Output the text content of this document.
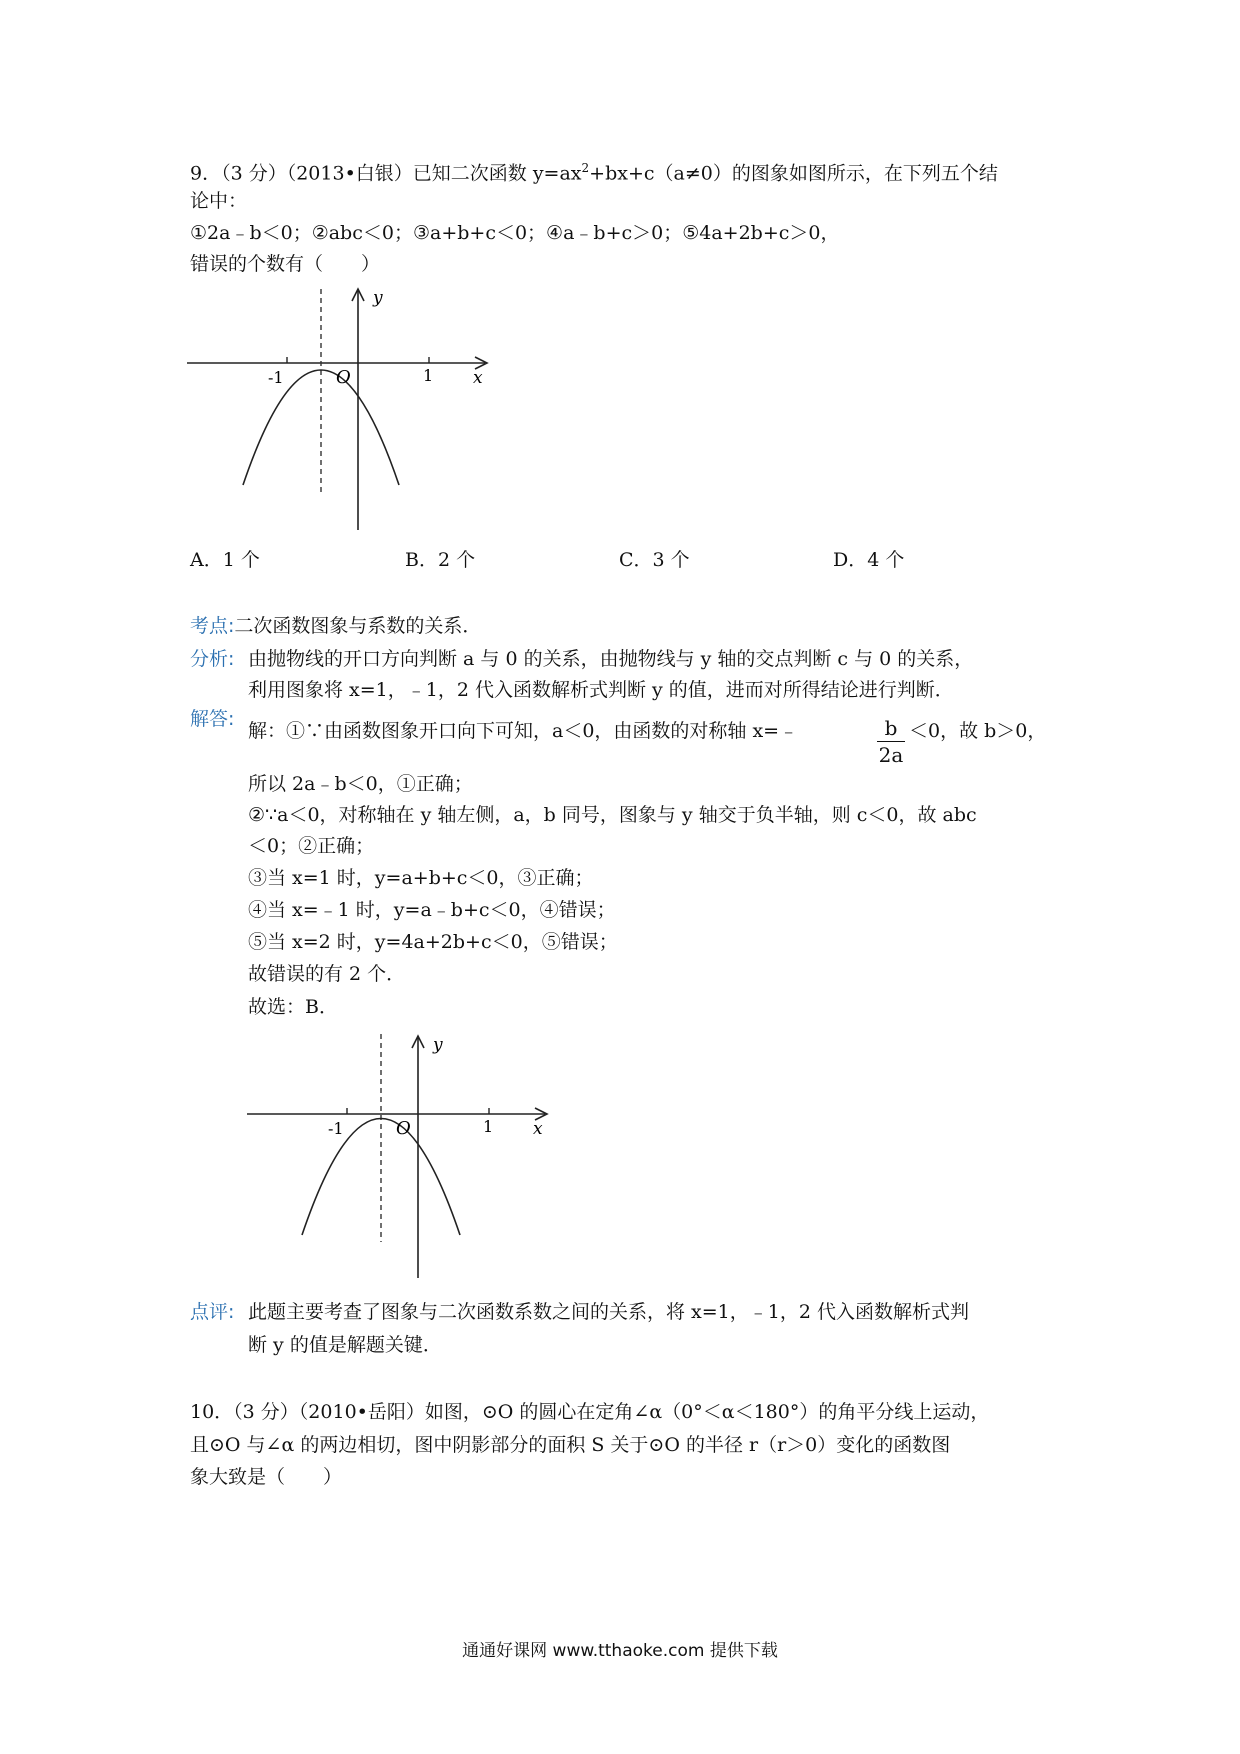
9．（3 分）（2013•白银）已知二次函数 $y=ax^2+bx+c(a\ne 0)$的图象如图所示，在下列五个结
论中：
①2a﹣b＜0；②abc＜0；③a+b+c＜0；④a﹣b+c＞0；⑤4a+2b+c＞0，
错误的个数有（　　）
y
x
O
-1	1
A．1 个	B．2 个	C．3 个	D．4 个
考点:二次函数图象与系数的关系．
分析: 由抛物线的开口方向判断 a 与 0 的关系，由抛物线与 y 轴的交点判断 c 与 0 的关系，
利用图象将 x=1，﹣1，2 代入函数解析式判断 y 的值，进而对所得结论进行判断．
解答:
解：①∵由函数图象开口向下可知，a＜0，由函数的对称轴 x=﹣	b
2a
＜0，故 b＞0，
所以 2a﹣b＜0，①正确；
②∵a＜0，对称轴在 y 轴左侧，a，b 同号，图象与 y 轴交于负半轴，则 c＜0，故 abc
＜0；②正确；
③当 x=1 时，y=a+b+c＜0，③正确；
④当 x=﹣1 时，y=a﹣b+c＜0，④错误；
⑤当 x=2 时，y=4a+2b+c＜0，⑤错误；
故错误的有 2 个．
故选：B．
y
x
O
-1	1
点评: 此题主要考查了图象与二次函数系数之间的关系，将 x=1，﹣1，2 代入函数解析式判
断 y 的值是解题关键．
10．（3 分）（2010•岳阳）如图，⊙O 的圆心在定角∠α（0°＜α＜180°）的角平分线上运动，
且⊙O 与∠α 的两边相切，图中阴影部分的面积 S 关于⊙O 的半径 r（r＞0）变化的函数图
象大致是（　　）
通通好课网 www.tthaoke.com 提供下载
